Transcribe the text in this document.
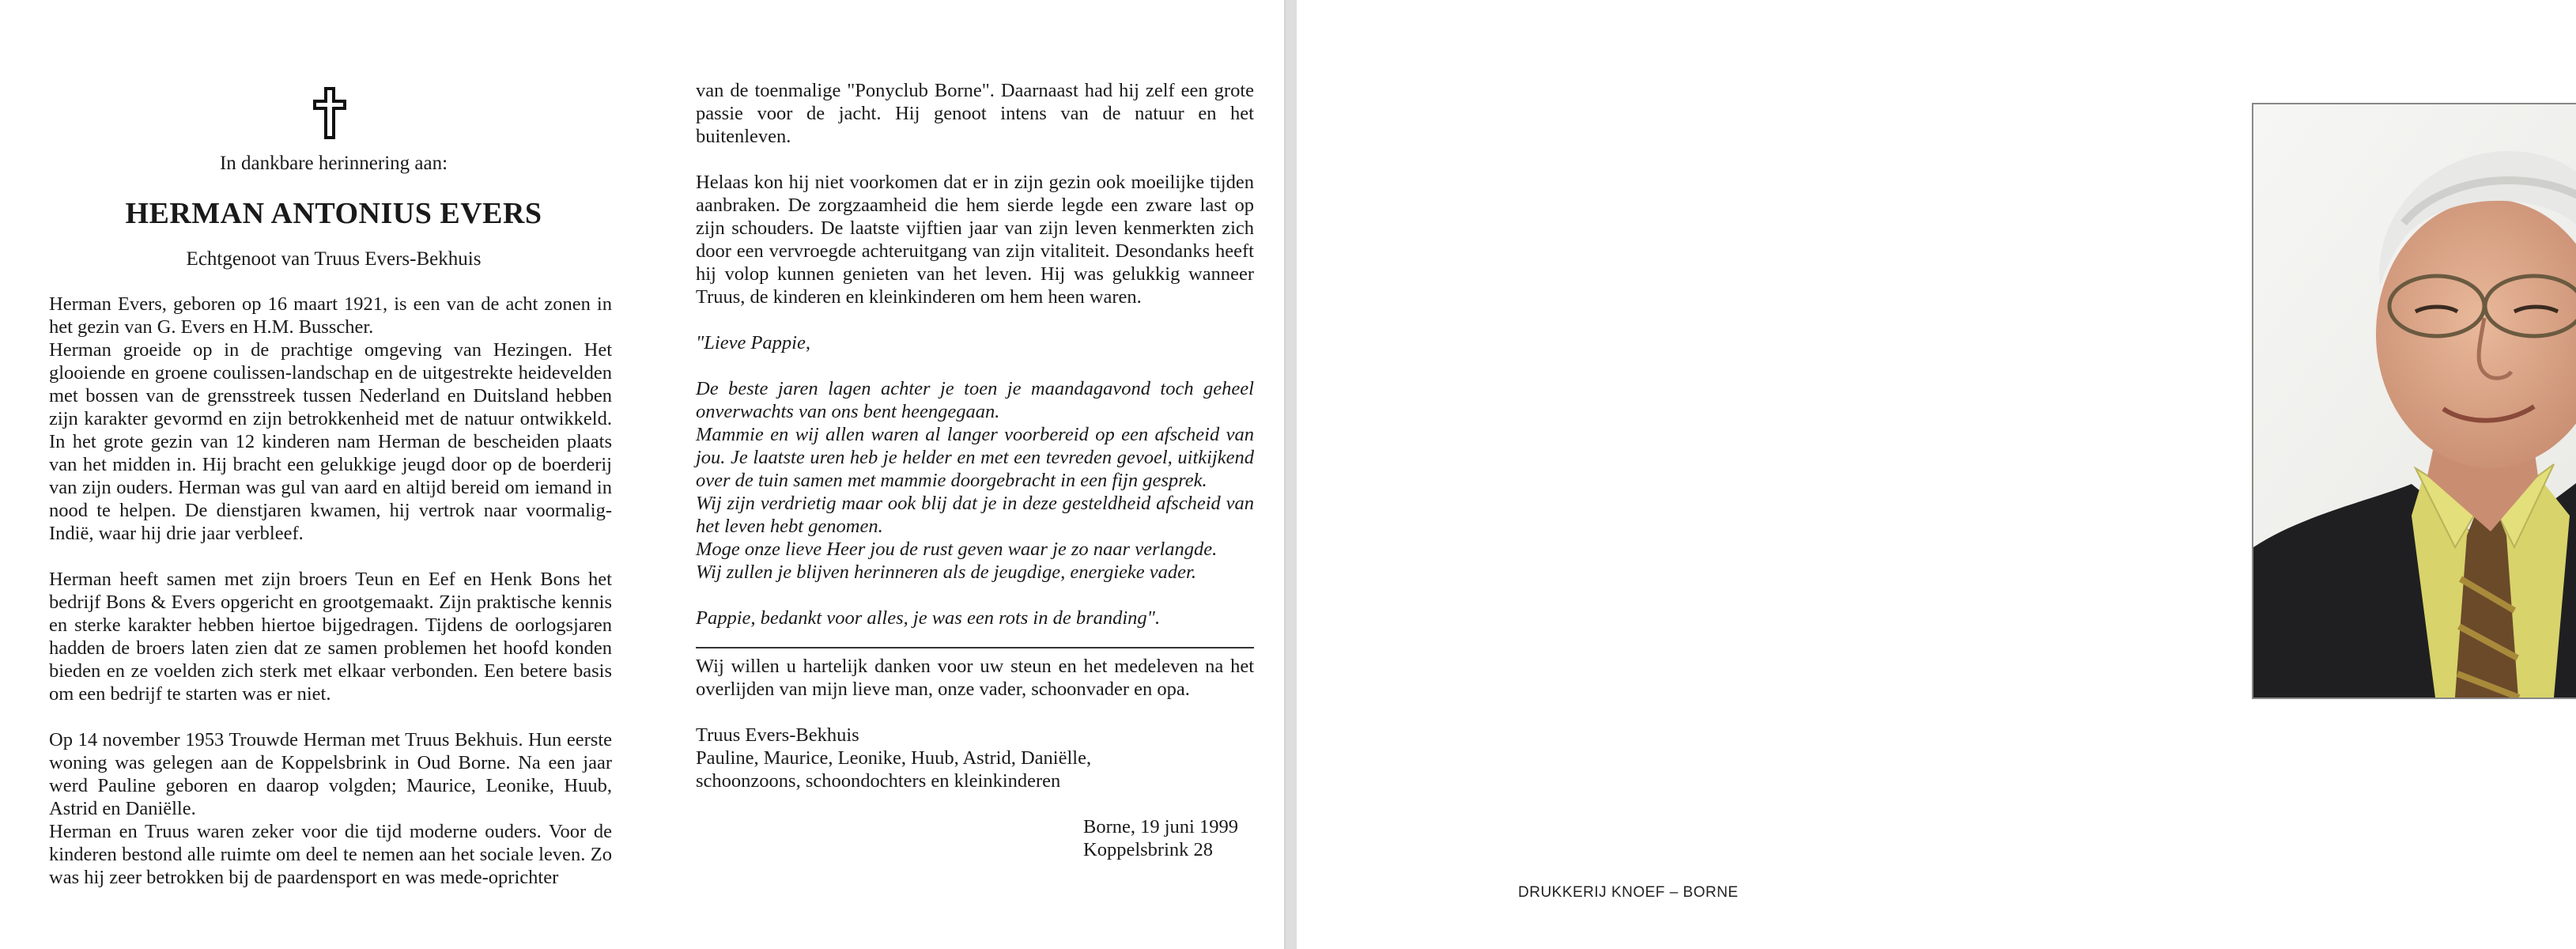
In dankbare herinnering aan:
HERMAN ANTONIUS EVERS
Echtgenoot van Truus Evers-Bekhuis

Herman Evers, geboren op 16 maart 1921, is een van de acht zonen in het gezin van G. Evers en H.M. Busscher.

Herman groeide op in de prachtige omgeving van Hezingen. Het glooiende en groene coulissen-landschap en de uitgestrekte heidevelden met bossen van de grensstreek tussen Nederland en Duitsland hebben zijn karakter gevormd en zijn betrokkenheid met de natuur ontwikkeld. In het grote gezin van 12 kinderen nam Herman de bescheiden plaats van het midden in. Hij bracht een gelukkige jeugd door op de boerderij van zijn ouders. Herman was gul van aard en altijd bereid om iemand in nood te helpen. De dienstjaren kwamen, hij vertrok naar voormalig-Indië, waar hij drie jaar verbleef.

Herman heeft samen met zijn broers Teun en Eef en Henk Bons het bedrijf Bons & Evers opgericht en grootgemaakt. Zijn praktische kennis en sterke karakter hebben hiertoe bijgedragen. Tijdens de oorlogsjaren hadden de broers laten zien dat ze samen problemen het hoofd konden bieden en ze voelden zich sterk met elkaar verbonden. Een betere basis om een bedrijf te starten was er niet.

Op 14 november 1953 Trouwde Herman met Truus Bekhuis. Hun eerste woning was gelegen aan de Koppelsbrink in Oud Borne. Na een jaar werd Pauline geboren en daarop volgden; Maurice, Leonike, Huub, Astrid en Daniëlle.

Herman en Truus waren zeker voor die tijd moderne ouders. Voor de kinderen bestond alle ruimte om deel te nemen aan het sociale leven. Zo was hij zeer betrokken bij de paardensport en was mede-oprichter

van de toenmalige "Ponyclub Borne". Daarnaast had hij zelf een grote passie voor de jacht. Hij genoot intens van de natuur en het buitenleven.

Helaas kon hij niet voorkomen dat er in zijn gezin ook moeilijke tijden aanbraken. De zorgzaamheid die hem sierde legde een zware last op zijn schouders. De laatste vijftien jaar van zijn leven kenmerkten zich door een vervroegde achteruitgang van zijn vitaliteit. Desondanks heeft hij volop kunnen genieten van het leven. Hij was gelukkig wanneer Truus, de kinderen en kleinkinderen om hem heen waren.

"Lieve Pappie,

De beste jaren lagen achter je toen je maandagavond toch geheel onverwachts van ons bent heengegaan.

Mammie en wij allen waren al langer voorbereid op een afscheid van jou. Je laatste uren heb je helder en met een tevreden gevoel, uitkijkend over de tuin samen met mammie doorgebracht in een fijn gesprek.

Wij zijn verdrietig maar ook blij dat je in deze gesteldheid afscheid van het leven hebt genomen.

Moge onze lieve Heer jou de rust geven waar je zo naar verlangde.

Wij zullen je blijven herinneren als de jeugdige, energieke vader.

Pappie, bedankt voor alles, je was een rots in de branding".

Wij willen u hartelijk danken voor uw steun en het medeleven na het overlijden van mijn lieve man, onze vader, schoonvader en opa.

Truus Evers-Bekhuis

Pauline, Maurice, Leonike, Huub, Astrid, Daniëlle,

schoonzoons, schoondochters en kleinkinderen

Borne, 19 juni 1999

Koppelsbrink 28

DRUKKERIJ KNOEF – BORNE
